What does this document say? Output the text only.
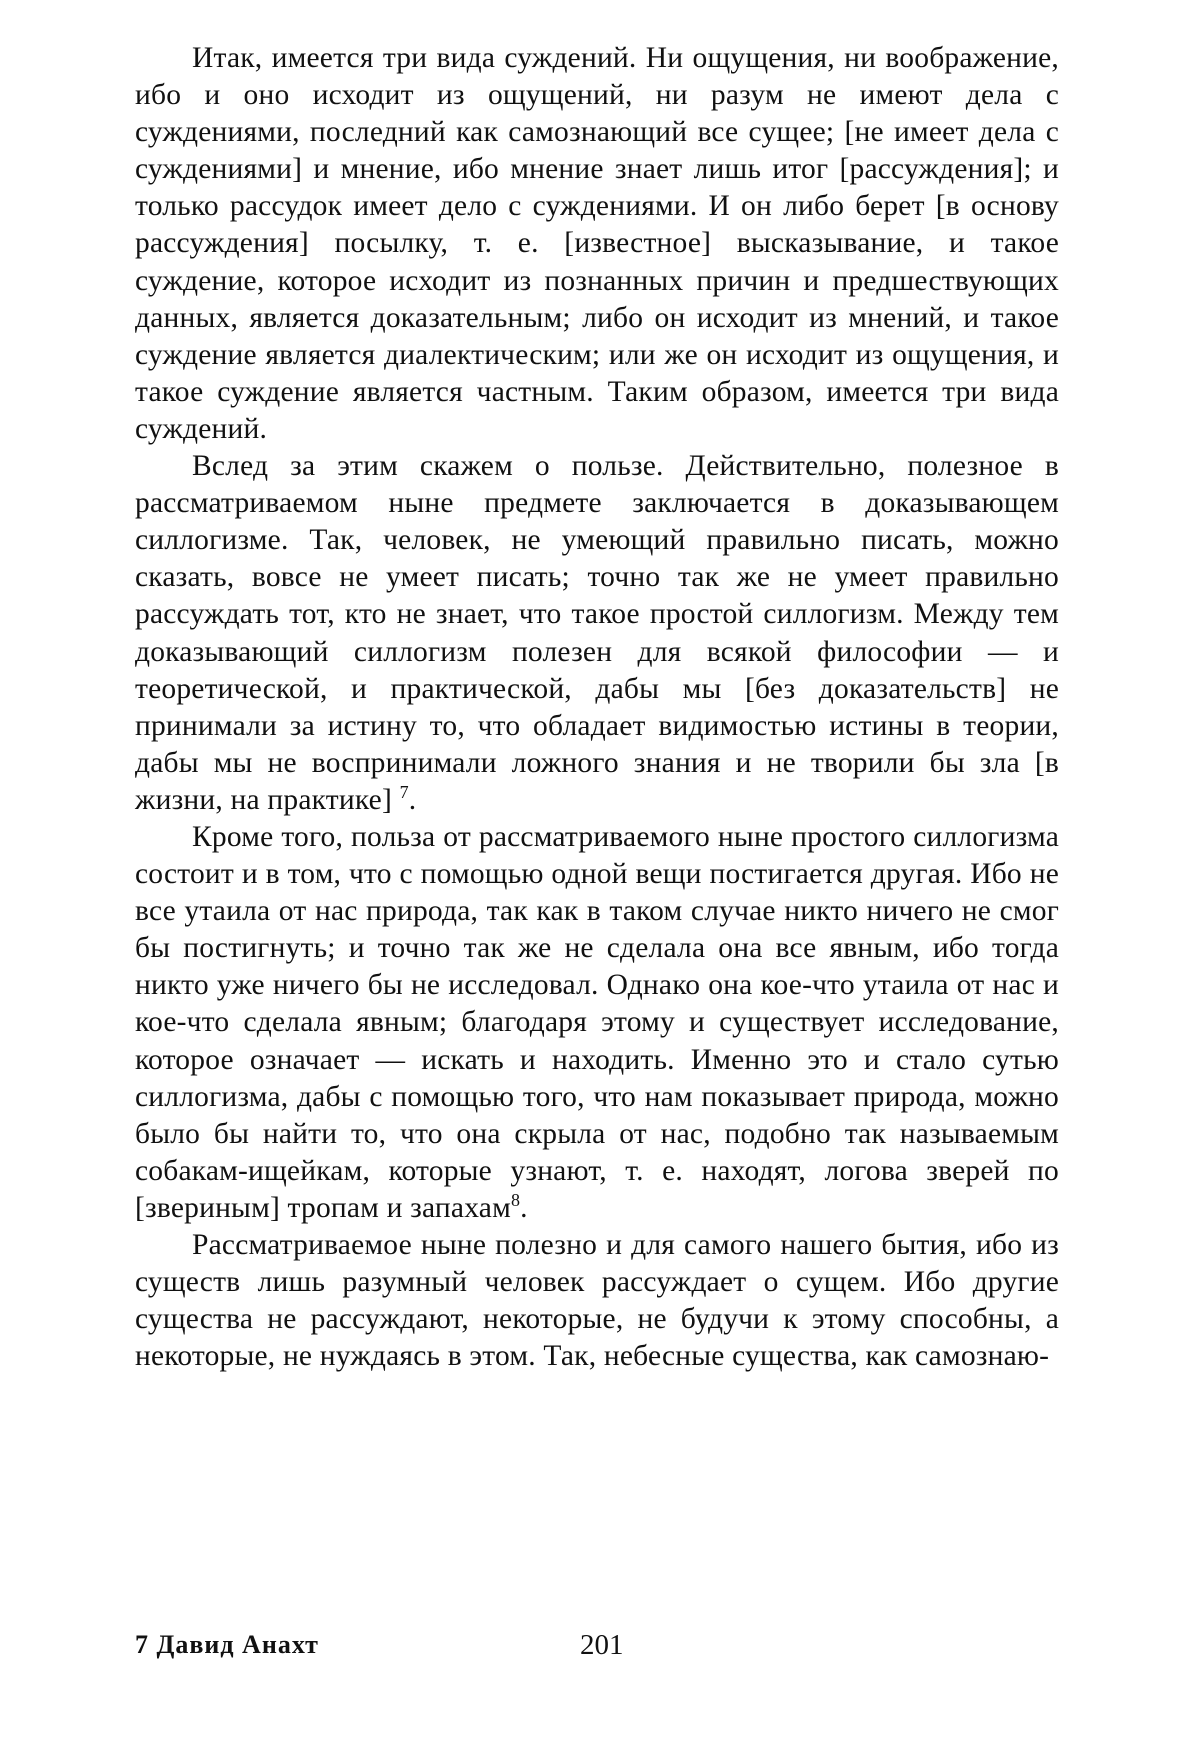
Итак, имеется три вида суждений. Ни ощущения, ни воображение, ибо и оно исходит из ощущений, ни разум не имеют дела с суждениями, последний как самознающий все сущее; [не имеет дела с суждениями] и мнение, ибо мнение знает лишь итог [рассуждения]; и только рассудок имеет дело с суждениями. И он либо берет [в основу рассуждения] посылку, т. е. [известное] высказывание, и такое суждение, которое исходит из познанных причин и предшествующих данных, является доказательным; либо он исходит из мнений, и такое суждение является диалектическим; или же он исходит из ощущения, и такое суждение является частным. Таким образом, имеется три вида суждений.

Вслед за этим скажем о пользе. Действительно, полезное в рассматриваемом ныне предмете заключается в доказывающем силлогизме. Так, человек, не умеющий правильно писать, можно сказать, вовсе не умеет писать; точно так же не умеет правильно рассуждать тот, кто не знает, что такое простой силлогизм. Между тем доказывающий силлогизм полезен для всякой философии — и теоретической, и практической, дабы мы [без доказательств] не принимали за истину то, что обладает видимостью истины в теории, дабы мы не воспринимали ложного знания и не творили бы зла [в жизни, на практике] $^7$.

Кроме того, польза от рассматриваемого ныне простого силлогизма состоит и в том, что с помощью одной вещи постигается другая. Ибо не все утаила от нас природа, так как в таком случае никто ничего не смог бы постигнуть; и точно так же не сделала она все явным, ибо тогда никто уже ничего бы не исследовал. Однако она кое-что утаила от нас и кое-что сделала явным; благодаря этому и существует исследование, которое означает — искать и находить. Именно это и стало сутью силлогизма, дабы с помощью того, что нам показывает природа, можно было бы найти то, что она скрыла от нас, подобно так называемым собакам-ищейкам, которые узнают, т. е. находят, логова зверей по [звериным] тропам и запахам$^8$.

Рассматриваемое ныне полезно и для самого нашего бытия, ибо из существ лишь разумный человек рассуждает о сущем. Ибо другие существа не рассуждают, некоторые, не будучи к этому способны, а некоторые, не нуждаясь в этом. Так, небесные существа, как самознаю-

7 Давид Анахт	201
